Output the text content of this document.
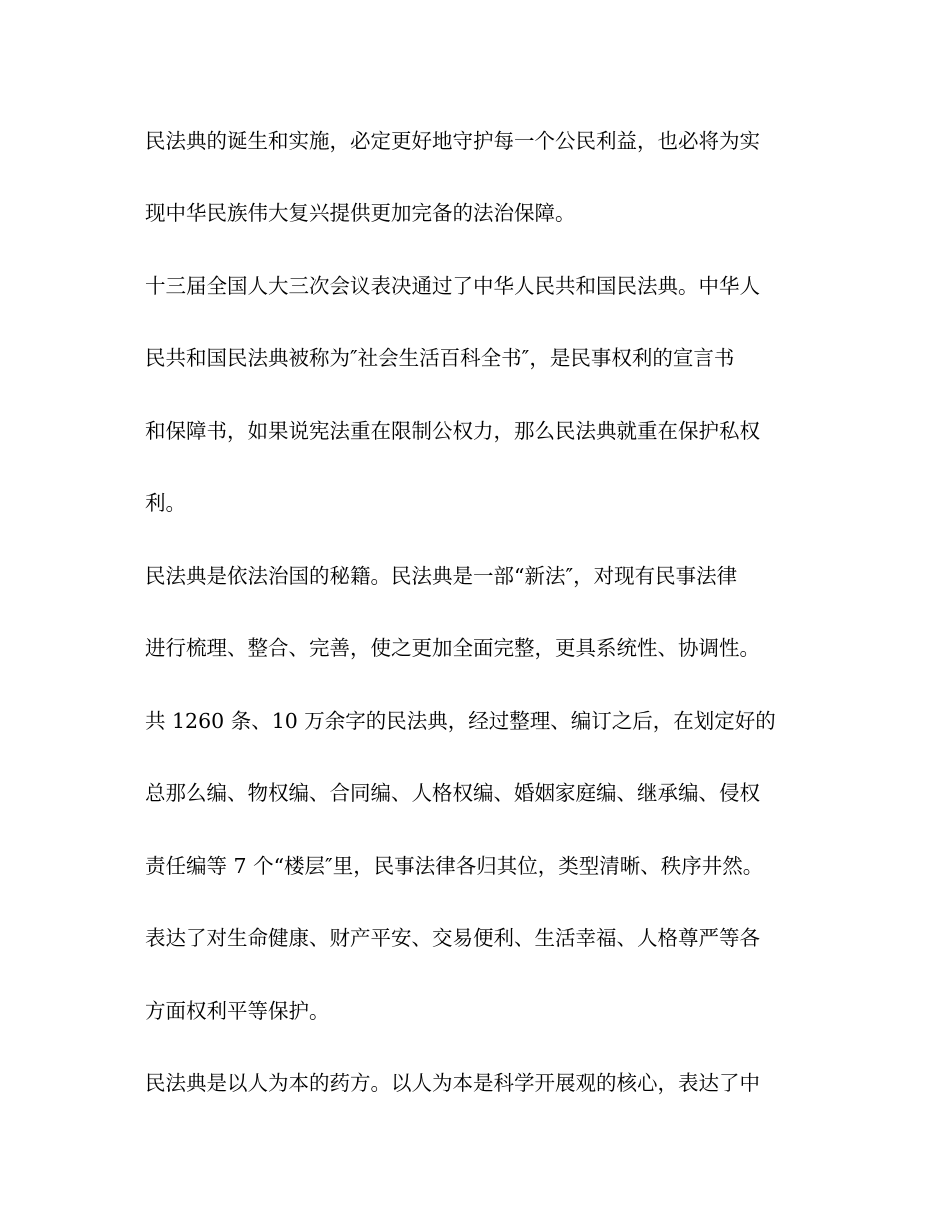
民法典的诞生和实施，必定更好地守护每一个公民利益，也必将为实
现中华民族伟大复兴提供更加完备的法治保障。
十三届全国人大三次会议表决通过了中华人民共和国民法典。中华人
民共和国民法典被称为″社会生活百科全书″，是民事权利的宣言书
和保障书，如果说宪法重在限制公权力，那么民法典就重在保护私权
利。
民法典是依法治国的秘籍。民法典是一部“新法″，对现有民事法律
进行梳理、整合、完善，使之更加全面完整，更具系统性、协调性。
共 1260 条、10 万余字的民法典，经过整理、编订之后，在划定好的
总那么编、物权编、合同编、人格权编、婚姻家庭编、继承编、侵权
责任编等 7 个“楼层″里，民事法律各归其位，类型清晰、秩序井然。
表达了对生命健康、财产平安、交易便利、生活幸福、人格尊严等各
方面权利平等保护。
民法典是以人为本的药方。以人为本是科学开展观的核心，表达了中
